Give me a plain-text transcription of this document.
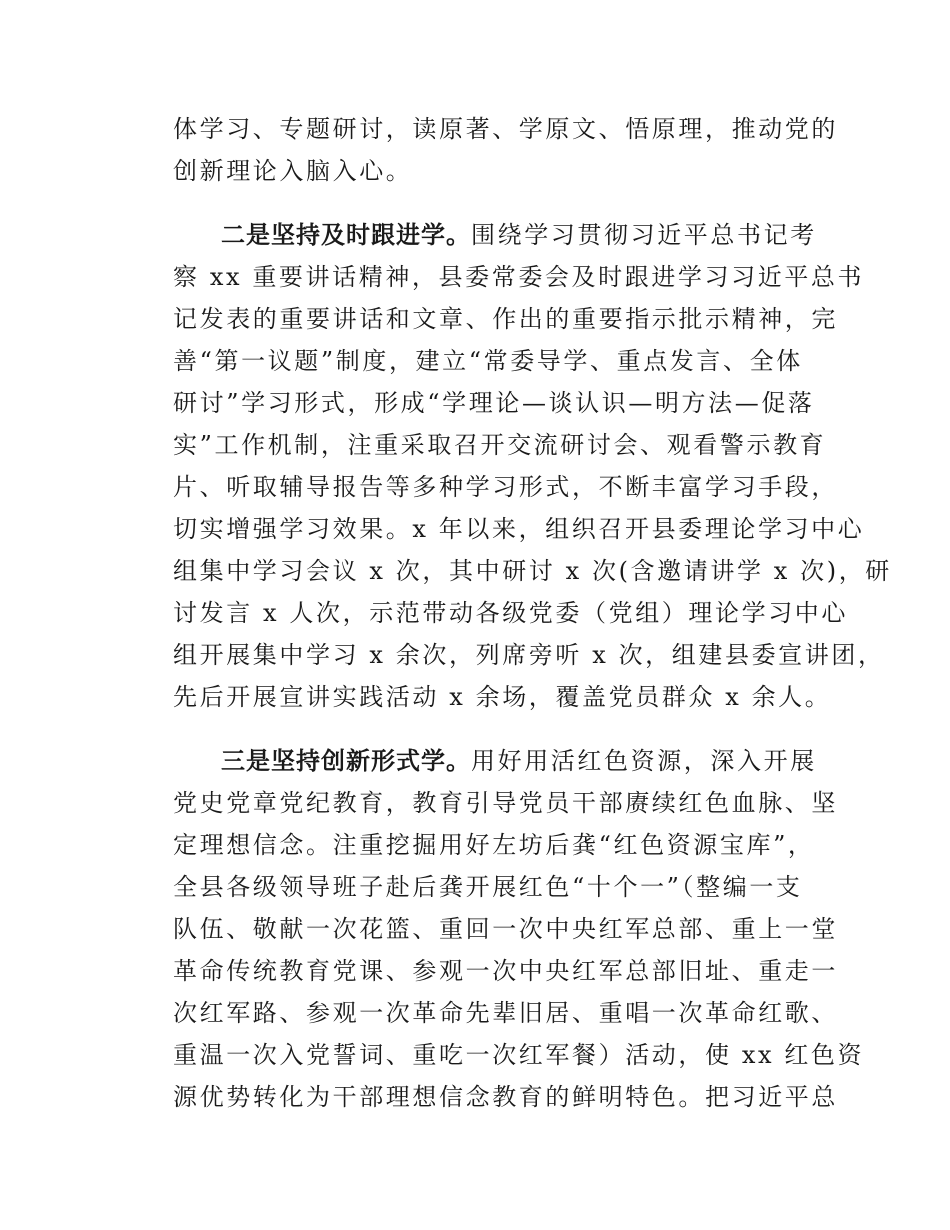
体学习、专题研讨，读原著、学原文、悟原理，推动党的
创新理论入脑入心。
二是坚持及时跟进学。围绕学习贯彻习近平总书记考
察 xx 重要讲话精神，县委常委会及时跟进学习习近平总书
记发表的重要讲话和文章、作出的重要指示批示精神，完
善“第一议题”制度，建立“常委导学、重点发言、全体
研讨”学习形式，形成“学理论—谈认识—明方法—促落
实”工作机制，注重采取召开交流研讨会、观看警示教育
片、听取辅导报告等多种学习形式，不断丰富学习手段，
切实增强学习效果。x 年以来，组织召开县委理论学习中心
组集中学习会议 x 次，其中研讨 x 次(含邀请讲学 x 次)，研
讨发言 x 人次，示范带动各级党委（党组）理论学习中心
组开展集中学习 x 余次，列席旁听 x 次，组建县委宣讲团，
先后开展宣讲实践活动 x 余场，覆盖党员群众 x 余人。
三是坚持创新形式学。用好用活红色资源，深入开展
党史党章党纪教育，教育引导党员干部赓续红色血脉、坚
定理想信念。注重挖掘用好左坊后龚“红色资源宝库”，
全县各级领导班子赴后龚开展红色“十个一”（整编一支
队伍、敬献一次花篮、重回一次中央红军总部、重上一堂
革命传统教育党课、参观一次中央红军总部旧址、重走一
次红军路、参观一次革命先辈旧居、重唱一次革命红歌、
重温一次入党誓词、重吃一次红军餐）活动，使 xx 红色资
源优势转化为干部理想信念教育的鲜明特色。把习近平总
